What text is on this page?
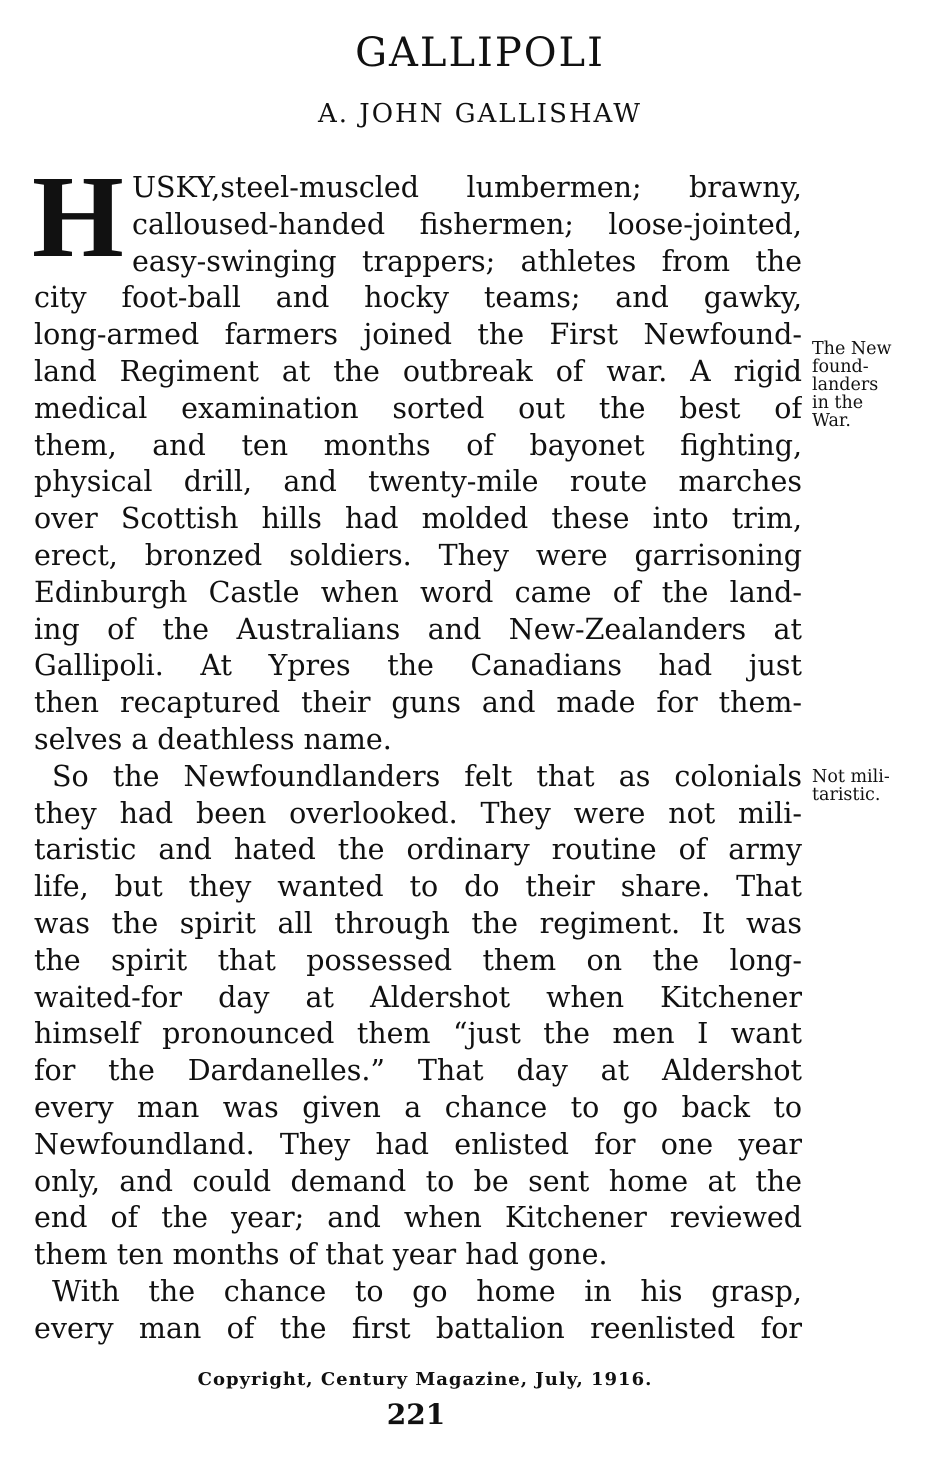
GALLIPOLI
A. JOHN GALLISHAW
H USKY,steel-muscled lumbermen; brawny,
calloused-handed fishermen; loose-jointed,
easy-swinging trappers; athletes from the
city foot-ball and hocky teams; and gawky,
long-armed farmers joined the First Newfound-
land Regiment at the outbreak of war. A rigid
medical examination sorted out the best of
them, and ten months of bayonet fighting,
physical drill, and twenty-mile route marches
over Scottish hills had molded these into trim,
erect, bronzed soldiers. They were garrisoning
Edinburgh Castle when word came of the land-
ing of the Australians and New-Zealanders at
Gallipoli. At Ypres the Canadians had just
then recaptured their guns and made for them-
selves a deathless name.
So the Newfoundlanders felt that as colonials
they had been overlooked. They were not mili-
taristic and hated the ordinary routine of army
life, but they wanted to do their share. That
was the spirit all through the regiment. It was
the spirit that possessed them on the long-
waited-for day at Aldershot when Kitchener
himself pronounced them “just the men I want
for the Dardanelles.” That day at Aldershot
every man was given a chance to go back to
Newfoundland. They had enlisted for one year
only, and could demand to be sent home at the
end of the year; and when Kitchener reviewed
them ten months of that year had gone.
With the chance to go home in his grasp,
every man of the first battalion reenlisted for
The New
found-
landers
in the
War.
Not mili-
taristic.
Copyright, Century Magazine, July, 1916.
221
